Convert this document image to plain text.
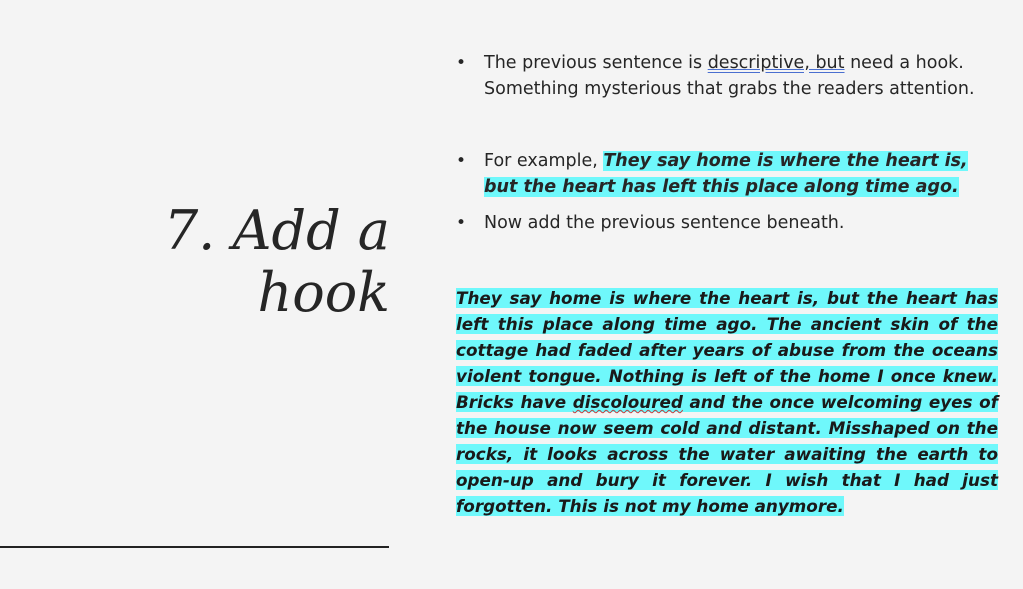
7. Add a
hook
• The previous sentence is descriptive, but need a hook. Something mysterious that grabs the readers attention.
• For example, They say home is where the heart is, but the heart has left this place along time ago.
• Now add the previous sentence beneath.

They say home is where the heart is, but the heart has left this place along time ago. The ancient skin of the cottage had faded after years of abuse from the oceans violent tongue. Nothing is left of the home I once knew. Bricks have discoloured and the once welcoming eyes of the house now seem cold and distant. Misshaped on the rocks, it looks across the water awaiting the earth to open-up and bury it forever. I wish that I had just forgotten. This is not my home anymore.
